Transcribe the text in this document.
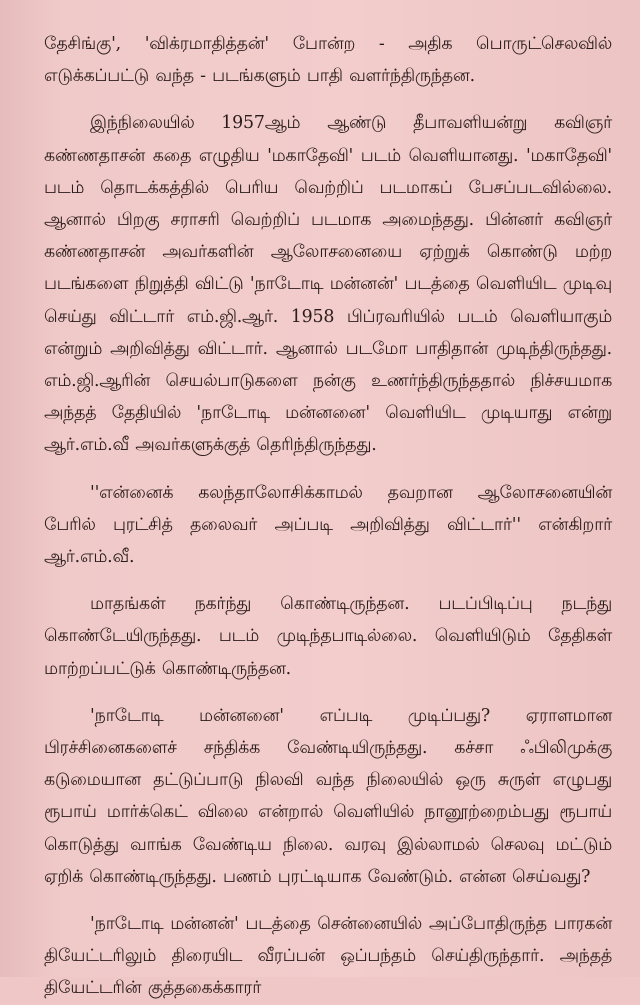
தேசிங்கு', 'விக்ரமாதித்தன்' போன்ற - அதிக பொருட்செலவில் எடுக்கப்பட்டு வந்த - படங்களும் பாதி வளர்ந்திருந்தன.

இந்நிலையில் 1957ஆம் ஆண்டு தீபாவளியன்று கவிஞர் கண்ணதாசன் கதை எழுதிய 'மகாதேவி' படம் வெளியானது. 'மகாதேவி' படம் தொடக்கத்தில் பெரிய வெற்றிப் படமாகப் பேசப்படவில்லை. ஆனால் பிறகு சராசரி வெற்றிப் படமாக அமைந்தது. பின்னர் கவிஞர் கண்ணதாசன் அவர்களின் ஆலோசனையை ஏற்றுக் கொண்டு மற்ற படங்களை நிறுத்தி விட்டு 'நாடோடி மன்னன்' படத்தை வெளியிட முடிவு செய்து விட்டார் எம்.ஜி.ஆர். 1958 பிப்ரவரியில் படம் வெளியாகும் என்றும் அறிவித்து விட்டார். ஆனால் படமோ பாதிதான் முடிந்திருந்தது. எம்.ஜி.ஆரின் செயல்பாடுகளை நன்கு உணர்ந்திருந்ததால் நிச்சயமாக அந்தத் தேதியில் 'நாடோடி மன்னனை' வெளியிட முடியாது என்று ஆர்.எம்.வீ அவர்களுக்குத் தெரிந்திருந்தது.

''என்னைக் கலந்தாலோசிக்காமல் தவறான ஆலோசனையின் பேரில் புரட்சித் தலைவர் அப்படி அறிவித்து விட்டார்'' என்கிறார் ஆர்.எம்.வீ.

மாதங்கள் நகர்ந்து கொண்டிருந்தன. படப்பிடிப்பு நடந்து கொண்டேயிருந்தது. படம் முடிந்தபாடில்லை. வெளியிடும் தேதிகள் மாற்றப்பட்டுக் கொண்டிருந்தன.

'நாடோடி மன்னனை' எப்படி முடிப்பது? ஏராளமான பிரச்சினைகளைச் சந்திக்க வேண்டியிருந்தது. கச்சா ஃபிலிமுக்கு கடுமையான தட்டுப்பாடு நிலவி வந்த நிலையில் ஒரு சுருள் எழுபது ரூபாய் மார்க்கெட் விலை என்றால் வெளியில் நானூற்றைம்பது ரூபாய் கொடுத்து வாங்க வேண்டிய நிலை. வரவு இல்லாமல் செலவு மட்டும் ஏறிக் கொண்டிருந்தது. பணம் புரட்டியாக வேண்டும். என்ன செய்வது?

'நாடோடி மன்னன்' படத்தை சென்னையில் அப்போதிருந்த பாரகன் தியேட்டரிலும் திரையிட வீரப்பன் ஒப்பந்தம் செய்திருந்தார். அந்தத் தியேட்டரின் குத்தகைக்காரர்
